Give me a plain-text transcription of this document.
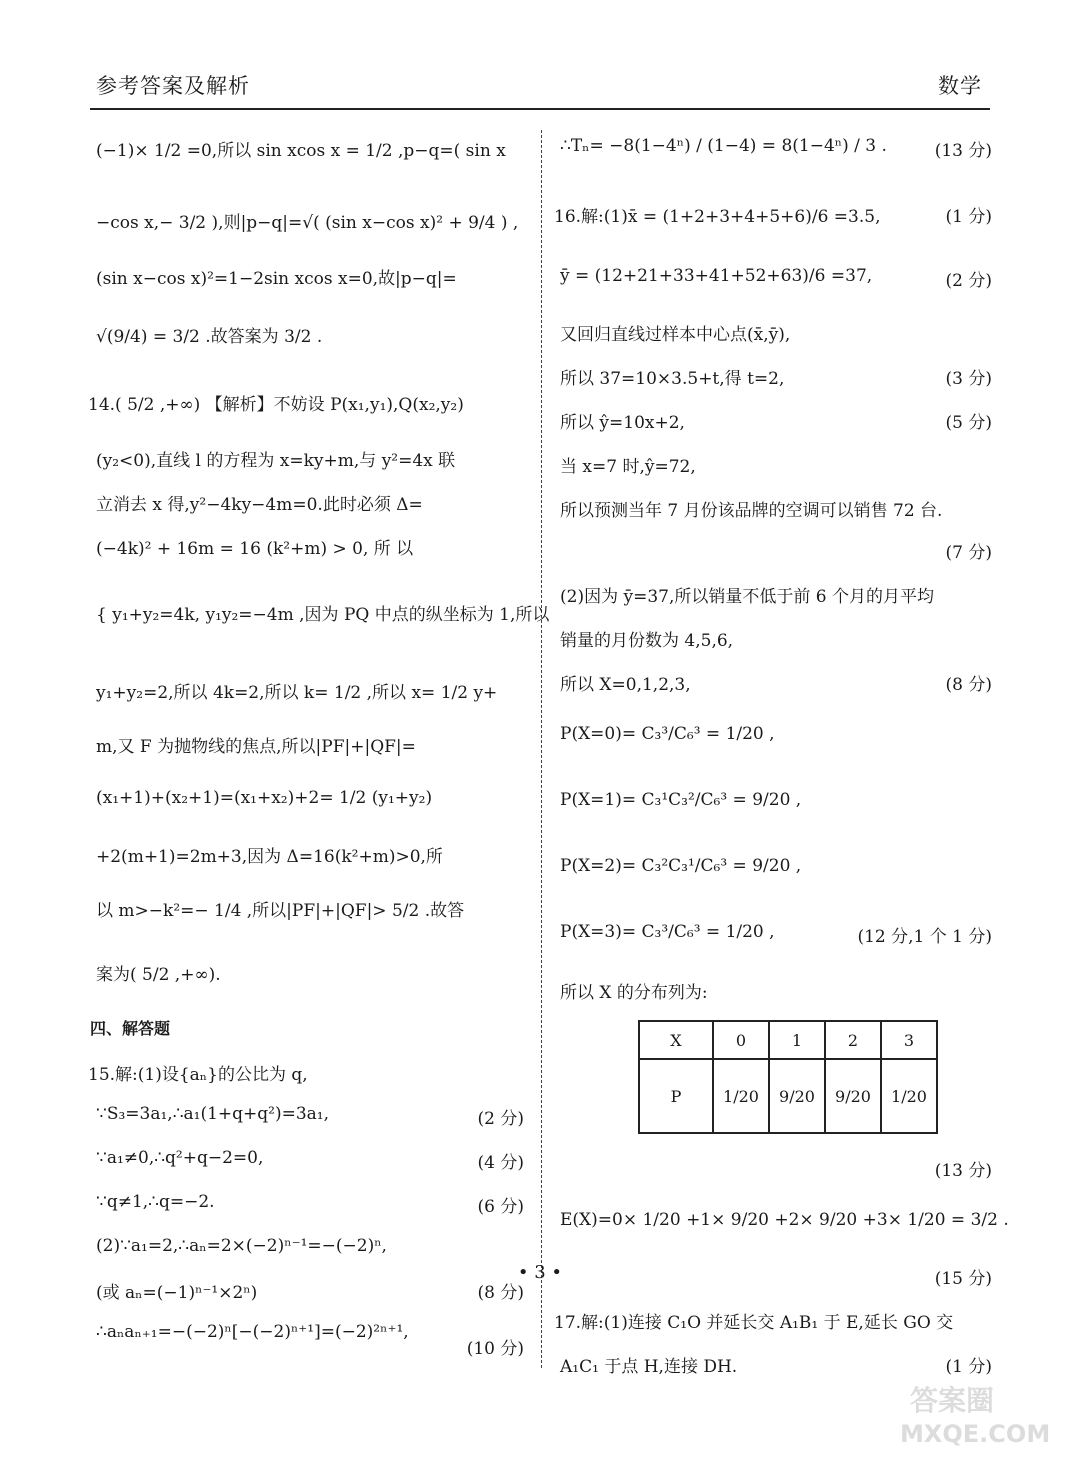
参考答案及解析	数学
(−1)× 1/2 =0,所以 sin xcos x = 1/2 ,p−q=( sin x
−cos x,− 3/2 ),则|p−q|=√( (sin x−cos x)² + 9/4 ) ,
(sin x−cos x)²=1−2sin xcos x=0,故|p−q|=
√(9/4) = 3/2 .故答案为 3/2 .
14.( 5/2 ,+∞) 【解析】不妨设 P(x₁,y₁),Q(x₂,y₂)
(y₂<0),直线 l 的方程为 x=ky+m,与 y²=4x 联
立消去 x 得,y²−4ky−4m=0.此时必须 Δ=
(−4k)² + 16m = 16 (k²+m) > 0, 所 以
{ y₁+y₂=4k, y₁y₂=−4m ,因为 PQ 中点的纵坐标为 1,所以
y₁+y₂=2,所以 4k=2,所以 k= 1/2 ,所以 x= 1/2 y+
m,又 F 为抛物线的焦点,所以|PF|+|QF|=
(x₁+1)+(x₂+1)=(x₁+x₂)+2= 1/2 (y₁+y₂)
+2(m+1)=2m+3,因为 Δ=16(k²+m)>0,所
以 m>−k²=− 1/4 ,所以|PF|+|QF|> 5/2 .故答
案为( 5/2 ,+∞).
四、解答题
15.解:(1)设{aₙ}的公比为 q,
∵S₃=3a₁,∴a₁(1+q+q²)=3a₁,	(2 分)
∵a₁≠0,∴q²+q−2=0,	(4 分)
∵q≠1,∴q=−2.	(6 分)
(2)∵a₁=2,∴aₙ=2×(−2)ⁿ⁻¹=−(−2)ⁿ,
(或 aₙ=(−1)ⁿ⁻¹×2ⁿ)	(8 分)
∴aₙaₙ₊₁=−(−2)ⁿ[−(−2)ⁿ⁺¹]=(−2)²ⁿ⁺¹,
(10 分)
∴Tₙ= −8(1−4ⁿ) / (1−4) = 8(1−4ⁿ) / 3 .	(13 分)
16.解:(1)x̄ = (1+2+3+4+5+6)/6 =3.5,	(1 分)
ȳ = (12+21+33+41+52+63)/6 =37,	(2 分)
又回归直线过样本中心点(x̄,ȳ),
所以 37=10×3.5+t,得 t=2,	(3 分)
所以 ŷ=10x+2,	(5 分)
当 x=7 时,ŷ=72,
所以预测当年 7 月份该品牌的空调可以销售 72 台.
(7 分)
(2)因为 ȳ=37,所以销量不低于前 6 个月的月平均
销量的月份数为 4,5,6,
所以 X=0,1,2,3,	(8 分)
P(X=0)= C₃³/C₆³ = 1/20 ,
P(X=1)= C₃¹C₃²/C₆³ = 9/20 ,
P(X=2)= C₃²C₃¹/C₆³ = 9/20 ,
P(X=3)= C₃³/C₆³ = 1/20 ,	(12 分,1 个 1 分)
所以 X 的分布列为:
(13 分)
E(X)=0× 1/20 +1× 9/20 +2× 9/20 +3× 1/20 = 3/2 .
(15 分)
17.解:(1)连接 C₁O 并延长交 A₁B₁ 于 E,延长 GO 交
A₁C₁ 于点 H,连接 DH.	(1 分)
X	0	1	2	3
P	1/20	9/20	9/20	1/20
• 3 •
答案圈
MXQE.COM
